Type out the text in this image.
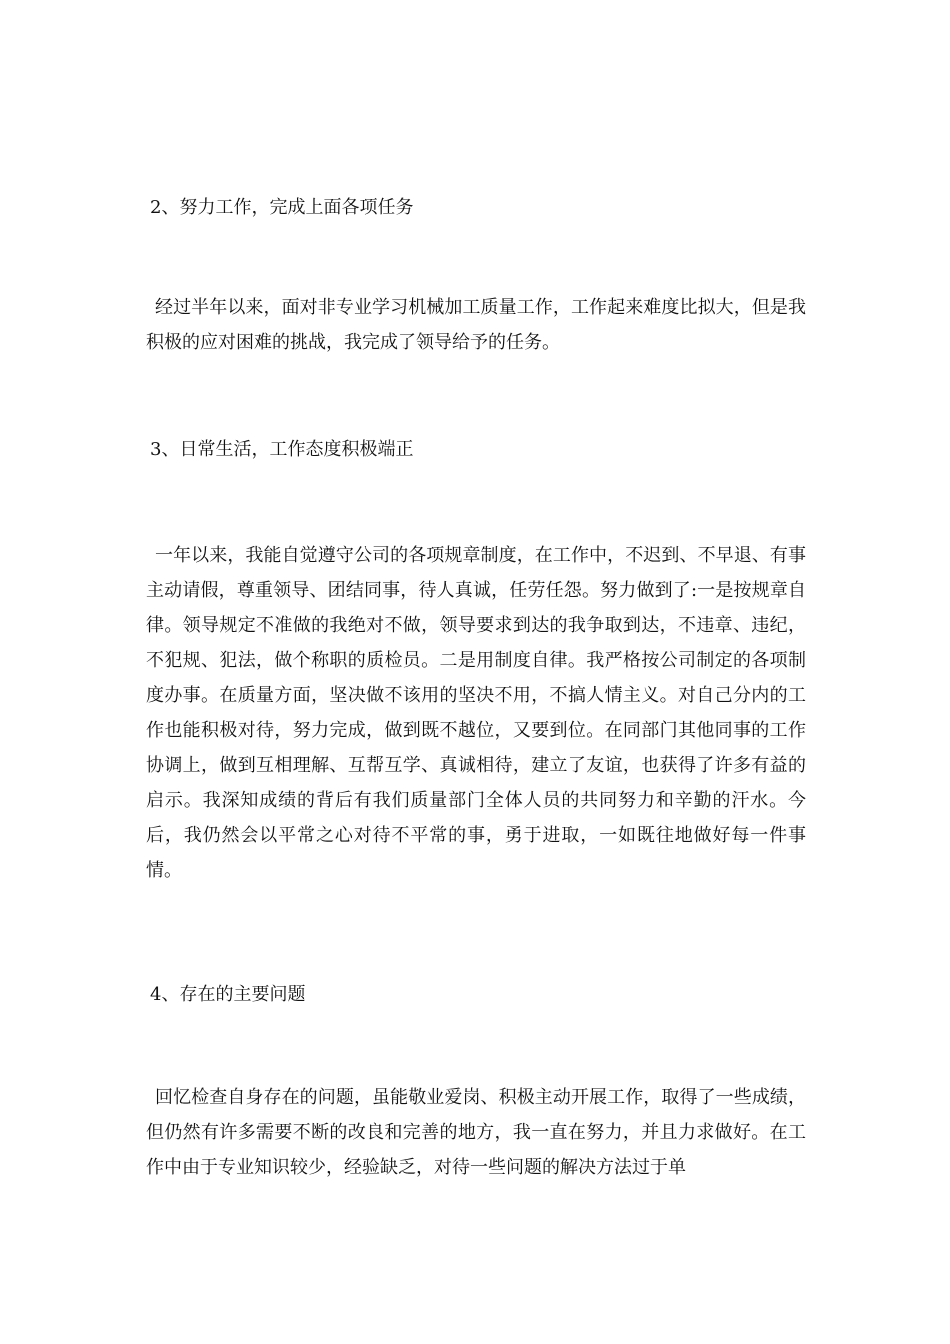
2、努力工作，完成上面各项任务

经过半年以来，面对非专业学习机械加工质量工作，工作起来难度比拟大，但是我积极的应对困难的挑战，我完成了领导给予的任务。

3、日常生活，工作态度积极端正

一年以来，我能自觉遵守公司的各项规章制度，在工作中，不迟到、不早退、有事主动请假，尊重领导、团结同事，待人真诚，任劳任怨。努力做到了:一是按规章自律。领导规定不准做的我绝对不做，领导要求到达的我争取到达，不违章、违纪，不犯规、犯法，做个称职的质检员。二是用制度自律。我严格按公司制定的各项制度办事。在质量方面，坚决做不该用的坚决不用，不搞人情主义。对自己分内的工作也能积极对待，努力完成，做到既不越位，又要到位。在同部门其他同事的工作协调上，做到互相理解、互帮互学、真诚相待，建立了友谊，也获得了许多有益的启示。我深知成绩的背后有我们质量部门全体人员的共同努力和辛勤的汗水。今后，我仍然会以平常之心对待不平常的事，勇于进取，一如既往地做好每一件事情。

4、存在的主要问题

回忆检查自身存在的问题，虽能敬业爱岗、积极主动开展工作，取得了一些成绩，但仍然有许多需要不断的改良和完善的地方，我一直在努力，并且力求做好。在工作中由于专业知识较少，经验缺乏，对待一些问题的解决方法过于单
